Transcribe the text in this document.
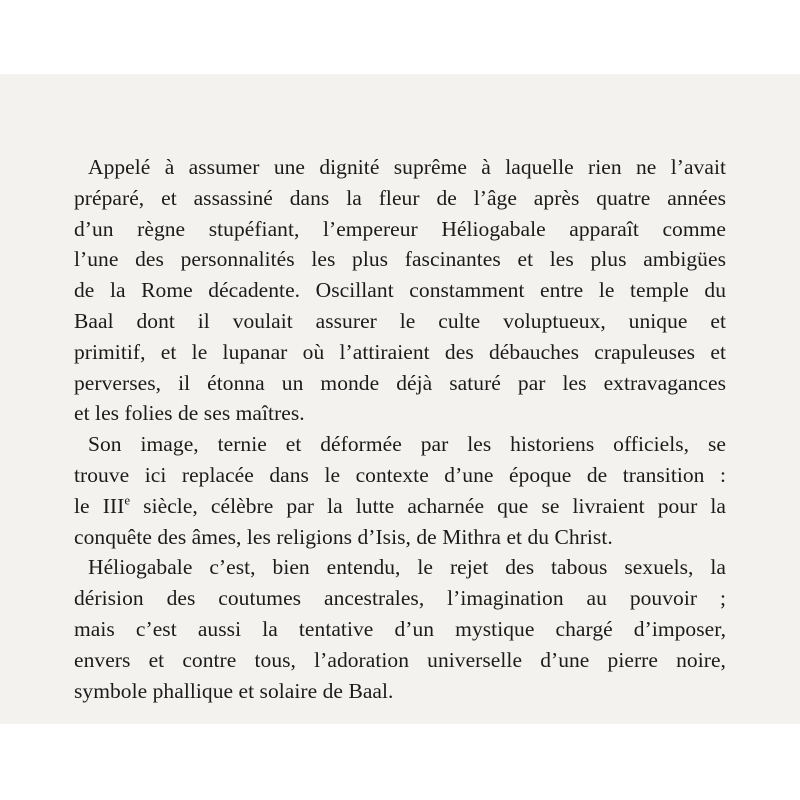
Appelé à assumer une dignité suprême à laquelle rien ne l’avait
préparé, et assassiné dans la fleur de l’âge après quatre années
d’un règne stupéfiant, l’empereur Héliogabale apparaît comme
l’une des personnalités les plus fascinantes et les plus ambigües
de la Rome décadente. Oscillant constamment entre le temple du
Baal dont il voulait assurer le culte voluptueux, unique et
primitif, et le lupanar où l’attiraient des débauches crapuleuses et
perverses, il étonna un monde déjà saturé par les extravagances
et les folies de ses maîtres.
Son image, ternie et déformée par les historiens officiels, se
trouve ici replacée dans le contexte d’une époque de transition :
le IIIe siècle, célèbre par la lutte acharnée que se livraient pour la
conquête des âmes, les religions d’Isis, de Mithra et du Christ.
Héliogabale c’est, bien entendu, le rejet des tabous sexuels, la
dérision des coutumes ancestrales, l’imagination au pouvoir ;
mais c’est aussi la tentative d’un mystique chargé d’imposer,
envers et contre tous, l’adoration universelle d’une pierre noire,
symbole phallique et solaire de Baal.
